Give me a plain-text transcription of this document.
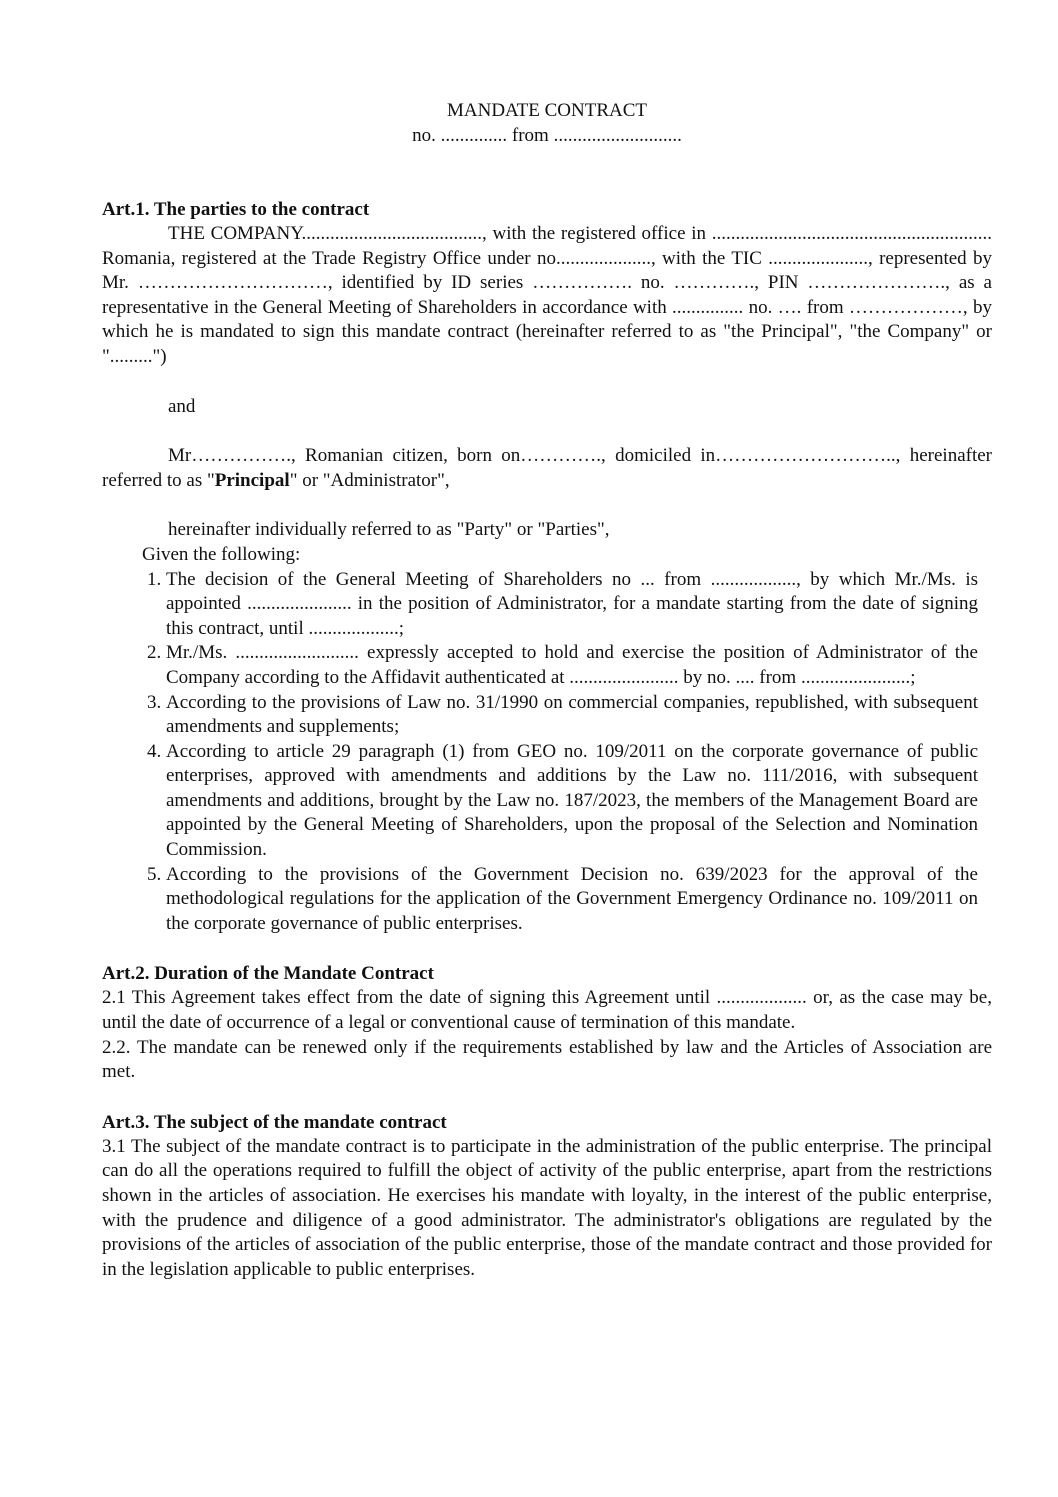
MANDATE CONTRACT
no. .............. from ...........................

Art.1. The parties to the contract

THE COMPANY......................................, with the registered office in ........................................................... Romania, registered at the Trade Registry Office under no...................., with the TIC ....................., represented by Mr. …………………………, identified by ID series ……………. no. …………., PIN …………………., as a representative in the General Meeting of Shareholders in accordance with ............... no. …. from ………………, by which he is mandated to sign this mandate contract (hereinafter referred to as "the Principal", "the Company" or ".........")

and

Mr……………., Romanian citizen, born on…………., domiciled in……………………….., hereinafter referred to as "Principal" or "Administrator",

hereinafter individually referred to as "Party" or "Parties",

Given the following:
1. The decision of the General Meeting of Shareholders no ... from .................., by which Mr./Ms. is appointed ...................... in the position of Administrator, for a mandate starting from the date of signing this contract, until ...................;
2. Mr./Ms. .......................... expressly accepted to hold and exercise the position of Administrator of the Company according to the Affidavit authenticated at ....................... by no. .... from .......................;
3. According to the provisions of Law no. 31/1990 on commercial companies, republished, with subsequent amendments and supplements;
4. According to article 29 paragraph (1) from GEO no. 109/2011 on the corporate governance of public enterprises, approved with amendments and additions by the Law no. 111/2016, with subsequent amendments and additions, brought by the Law no. 187/2023, the members of the Management Board are appointed by the General Meeting of Shareholders, upon the proposal of the Selection and Nomination Commission.
5. According to the provisions of the Government Decision no. 639/2023 for the approval of the methodological regulations for the application of the Government Emergency Ordinance no. 109/2011 on the corporate governance of public enterprises.

Art.2. Duration of the Mandate Contract

2.1 This Agreement takes effect from the date of signing this Agreement until ................... or, as the case may be, until the date of occurrence of a legal or conventional cause of termination of this mandate.

2.2. The mandate can be renewed only if the requirements established by law and the Articles of Association are met.

Art.3. The subject of the mandate contract

3.1 The subject of the mandate contract is to participate in the administration of the public enterprise. The principal can do all the operations required to fulfill the object of activity of the public enterprise, apart from the restrictions shown in the articles of association. He exercises his mandate with loyalty, in the interest of the public enterprise, with the prudence and diligence of a good administrator. The administrator's obligations are regulated by the provisions of the articles of association of the public enterprise, those of the mandate contract and those provided for in the legislation applicable to public enterprises.
